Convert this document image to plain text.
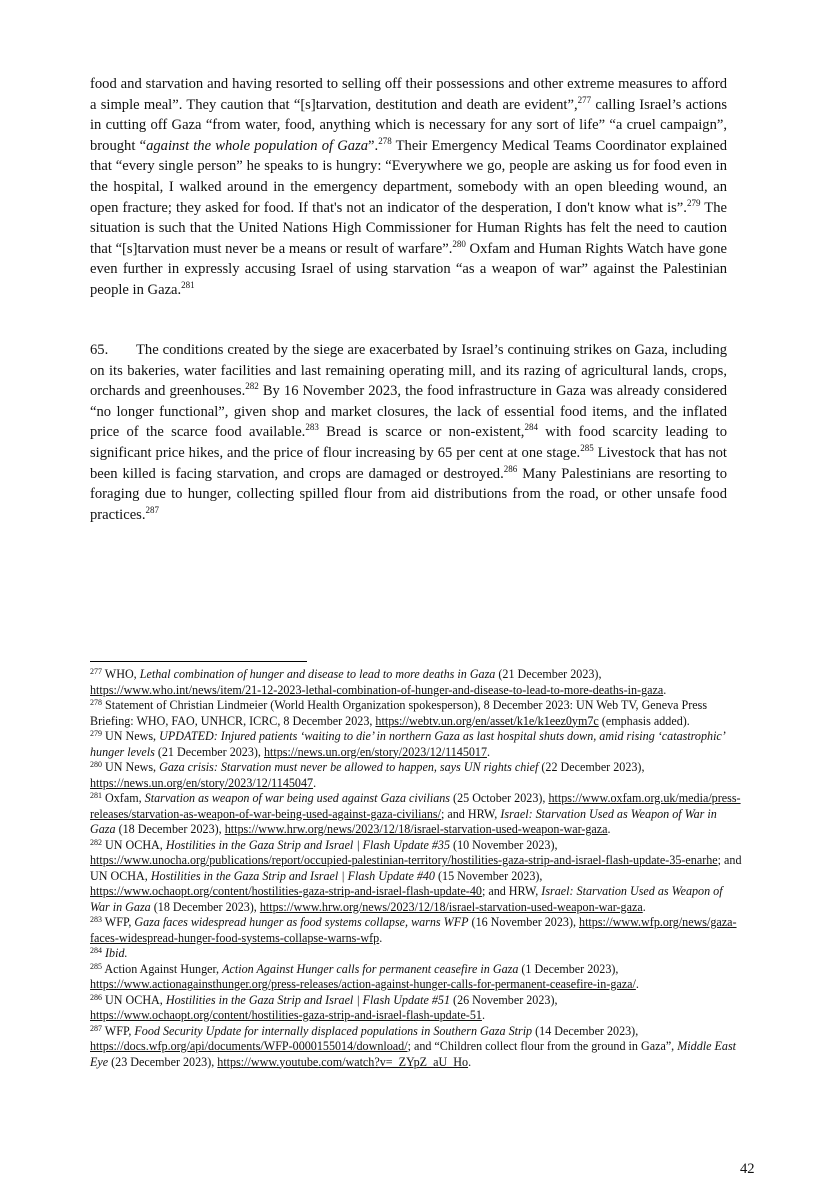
food and starvation and having resorted to selling off their possessions and other extreme measures to afford a simple meal”. They caution that “[s]tarvation, destitution and death are evident”,$^{277}$ calling Israel’s actions in cutting off Gaza “from water, food, anything which is necessary for any sort of life” “a cruel campaign”, brought “against the whole population of Gaza”.$^{278}$ Their Emergency Medical Teams Coordinator explained that “every single person” he speaks to is hungry: “Everywhere we go, people are asking us for food even in the hospital, I walked around in the emergency department, somebody with an open bleeding wound, an open fracture; they asked for food. If that's not an indicator of the desperation, I don't know what is”.$^{279}$ The situation is such that the United Nations High Commissioner for Human Rights has felt the need to caution that “[s]tarvation must never be a means or result of warfare”.$^{280}$ Oxfam and Human Rights Watch have gone even further in expressly accusing Israel of using starvation “as a weapon of war” against the Palestinian people in Gaza.$^{281}$

65. The conditions created by the siege are exacerbated by Israel’s continuing strikes on Gaza, including on its bakeries, water facilities and last remaining operating mill, and its razing of agricultural lands, crops, orchards and greenhouses.$^{282}$ By 16 November 2023, the food infrastructure in Gaza was already considered “no longer functional”, given shop and market closures, the lack of essential food items, and the inflated price of the scarce food available.$^{283}$ Bread is scarce or non-existent,$^{284}$ with food scarcity leading to significant price hikes, and the price of flour increasing by 65 per cent at one stage.$^{285}$ Livestock that has not been killed is facing starvation, and crops are damaged or destroyed.$^{286}$ Many Palestinians are resorting to foraging due to hunger, collecting spilled flour from aid distributions from the road, or other unsafe food practices.$^{287}$

$^{277}$ WHO, Lethal combination of hunger and disease to lead to more deaths in Gaza (21 December 2023), https://www.who.int/news/item/21-12-2023-lethal-combination-of-hunger-and-disease-to-lead-to-more-deaths-in-gaza.

$^{278}$ Statement of Christian Lindmeier (World Health Organization spokesperson), 8 December 2023: UN Web TV, Geneva Press Briefing: WHO, FAO, UNHCR, ICRC, 8 December 2023, https://webtv.un.org/en/asset/k1e/k1eez0ym7c (emphasis added).

$^{279}$ UN News, UPDATED: Injured patients ‘waiting to die’ in northern Gaza as last hospital shuts down, amid rising ‘catastrophic’ hunger levels (21 December 2023), https://news.un.org/en/story/2023/12/1145017.

$^{280}$ UN News, Gaza crisis: Starvation must never be allowed to happen, says UN rights chief (22 December 2023), https://news.un.org/en/story/2023/12/1145047.

$^{281}$ Oxfam, Starvation as weapon of war being used against Gaza civilians (25 October 2023), https://www.oxfam.org.uk/media/press-releases/starvation-as-weapon-of-war-being-used-against-gaza-civilians/; and HRW, Israel: Starvation Used as Weapon of War in Gaza (18 December 2023), https://www.hrw.org/news/2023/12/18/israel-starvation-used-weapon-war-gaza.

$^{282}$ UN OCHA, Hostilities in the Gaza Strip and Israel | Flash Update #35 (10 November 2023), https://www.unocha.org/publications/report/occupied-palestinian-territory/hostilities-gaza-strip-and-israel-flash-update-35-enarhe; and UN OCHA, Hostilities in the Gaza Strip and Israel | Flash Update #40 (15 November 2023), https://www.ochaopt.org/content/hostilities-gaza-strip-and-israel-flash-update-40; and HRW, Israel: Starvation Used as Weapon of War in Gaza (18 December 2023), https://www.hrw.org/news/2023/12/18/israel-starvation-used-weapon-war-gaza.

$^{283}$ WFP, Gaza faces widespread hunger as food systems collapse, warns WFP (16 November 2023), https://www.wfp.org/news/gaza-faces-widespread-hunger-food-systems-collapse-warns-wfp.

$^{284}$ Ibid.

$^{285}$ Action Against Hunger, Action Against Hunger calls for permanent ceasefire in Gaza (1 December 2023), https://www.actionagainsthunger.org/press-releases/action-against-hunger-calls-for-permanent-ceasefire-in-gaza/.

$^{286}$ UN OCHA, Hostilities in the Gaza Strip and Israel | Flash Update #51 (26 November 2023), https://www.ochaopt.org/content/hostilities-gaza-strip-and-israel-flash-update-51.

$^{287}$ WFP, Food Security Update for internally displaced populations in Southern Gaza Strip (14 December 2023), https://docs.wfp.org/api/documents/WFP-0000155014/download/; and “Children collect flour from the ground in Gaza”, Middle East Eye (23 December 2023), https://www.youtube.com/watch?v=_ZYpZ_aU_Ho.

42
